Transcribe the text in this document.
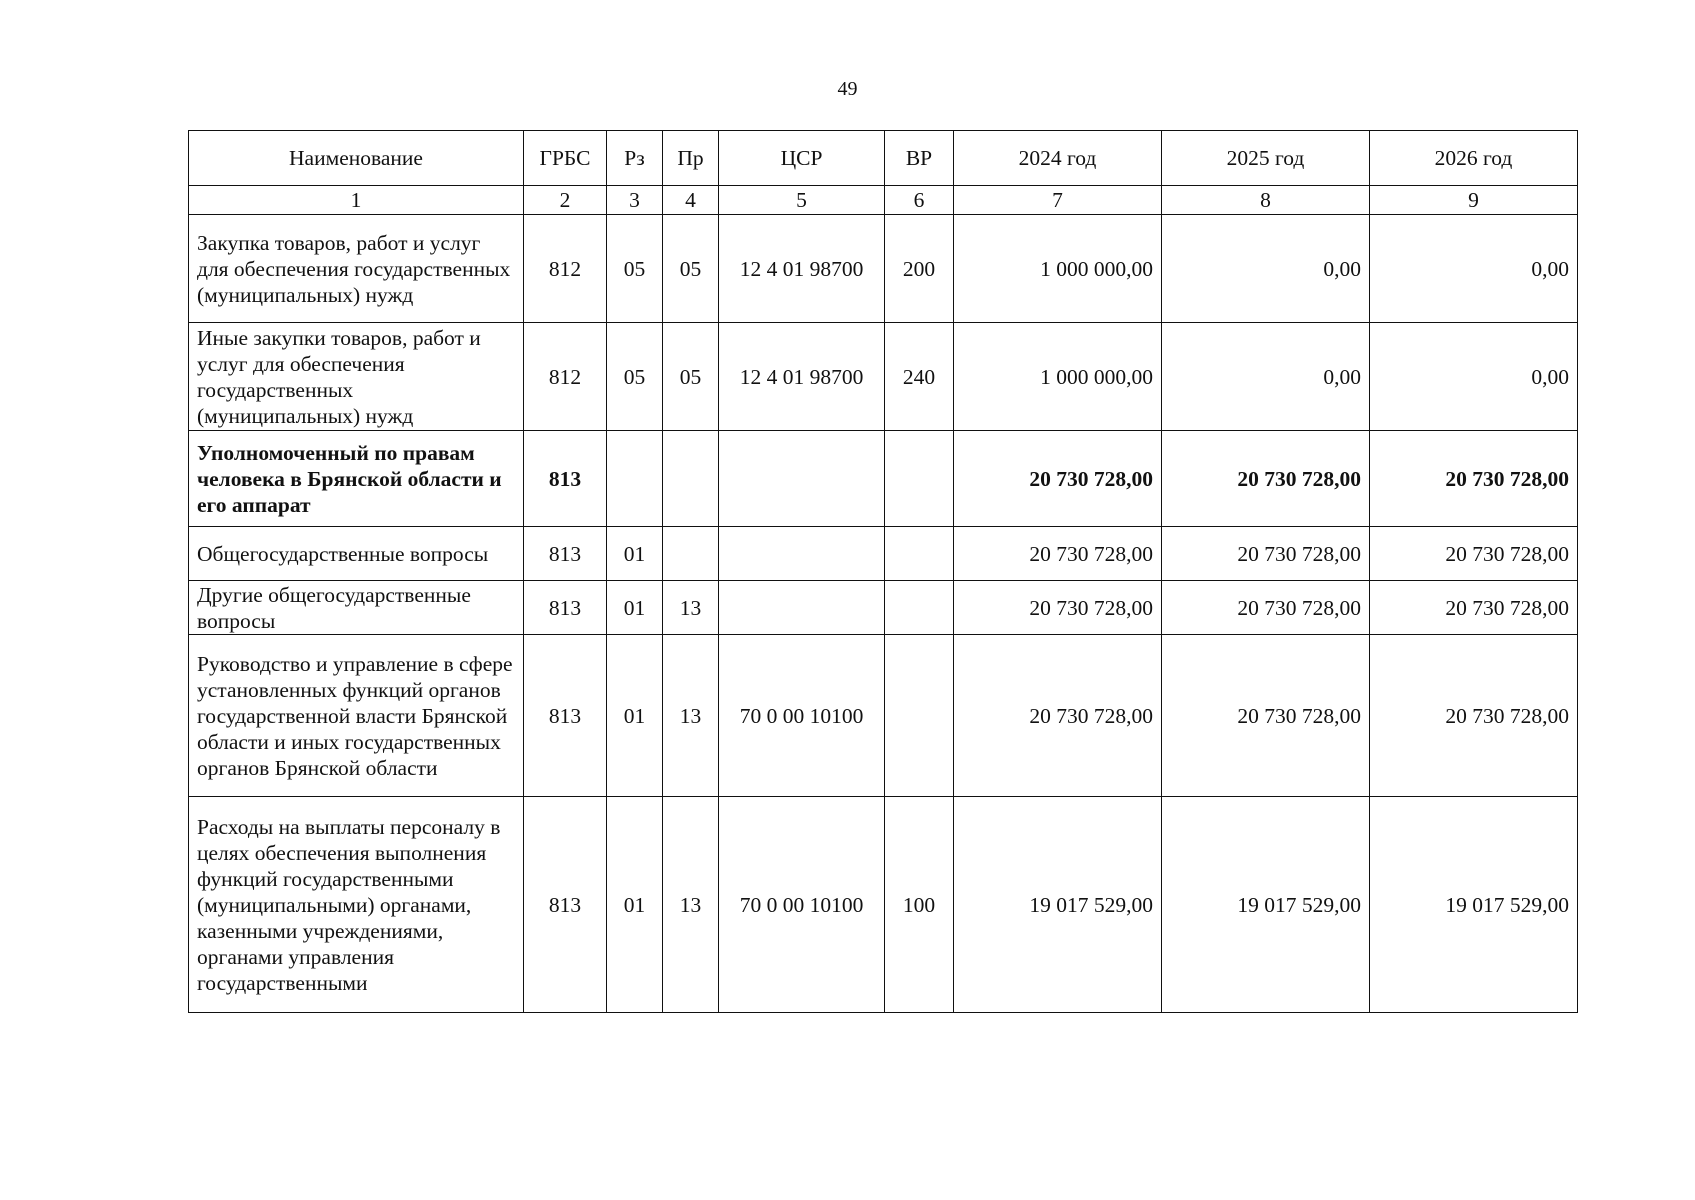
49
Наименование	ГРБС	Рз	Пр	ЦСР	ВР	2024 год	2025 год	2026 год
1	2	3	4	5	6	7	8	9
Закупка товаров, работ и услуг для обеспечения государственных (муниципальных) нужд	812	05	05	12 4 01 98700	200	1 000 000,00	0,00	0,00
Иные закупки товаров, работ и услуг для обеспечения государственных (муниципальных) нужд	812	05	05	12 4 01 98700	240	1 000 000,00	0,00	0,00
Уполномоченный по правам человека в Брянской области и его аппарат	813					20 730 728,00	20 730 728,00	20 730 728,00
Общегосударственные вопросы	813	01				20 730 728,00	20 730 728,00	20 730 728,00
Другие общегосударственные вопросы	813	01	13			20 730 728,00	20 730 728,00	20 730 728,00
Руководство и управление в сфере установленных функций органов государственной власти Брянской области и иных государственных органов Брянской области	813	01	13	70 0 00 10100		20 730 728,00	20 730 728,00	20 730 728,00
Расходы на выплаты персоналу в целях обеспечения выполнения функций государственными (муниципальными) органами, казенными учреждениями, органами управления государственными	813	01	13	70 0 00 10100	100	19 017 529,00	19 017 529,00	19 017 529,00
